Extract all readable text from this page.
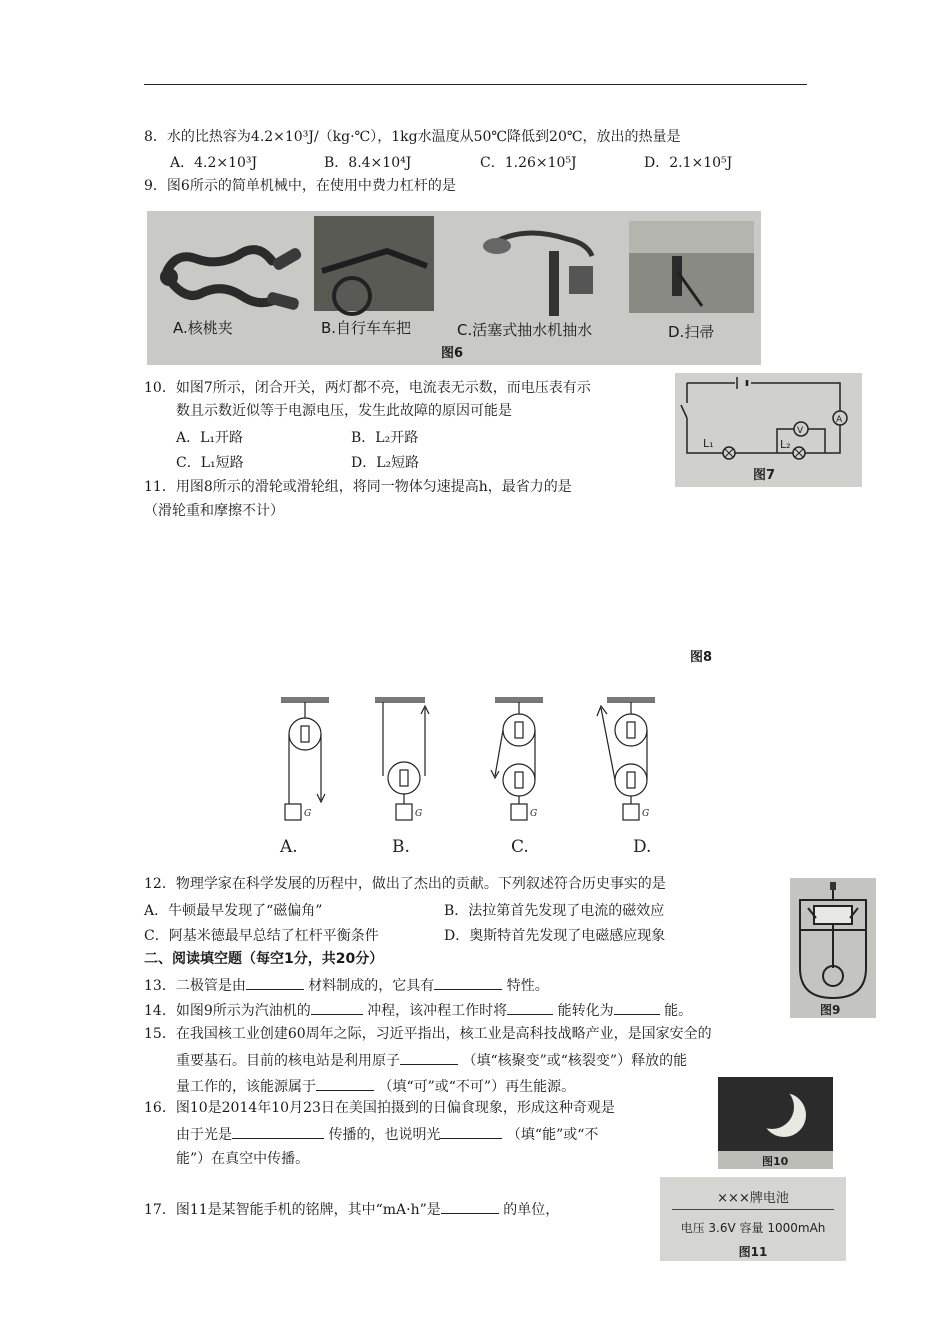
8．水的比热容为4.2×10³J/（kg·℃），1kg水温度从50℃降低到20℃，放出的热量是
A．4.2×10³J	B．8.4×10⁴J	C．1.26×10⁵J	D．2.1×10⁵J
9．图6所示的简单机械中，在使用中费力杠杆的是
A.核桃夹	B.自行车车把	C.活塞式抽水机抽水	D.扫帚
图6
10．如图7所示，闭合开关，两灯都不亮，电流表无示数，而电压表有示
数且示数近似等于电源电压，发生此故障的原因可能是
A．L₁开路	B．L₂开路
C．L₁短路	D．L₂短路
V
A
L₁	L₂
图7
11．用图8所示的滑轮或滑轮组，将同一物体匀速提高h，最省力的是
（滑轮重和摩擦不计）
图8
G	G	G	G
A.	B.	C.	D.
12．物理学家在科学发展的历程中，做出了杰出的贡献。下列叙述符合历史事实的是
A．牛顿最早发现了“磁偏角”	B．法拉第首先发现了电流的磁效应
C．阿基米德最早总结了杠杆平衡条件	D．奥斯特首先发现了电磁感应现象
图9
二、阅读填空题（每空1分，共20分）
13．二极管是由	材料制成的，它具有	特性。
14．如图9所示为汽油机的	冲程，该冲程工作时将	能转化为	能。
15．在我国核工业创建60周年之际，习近平指出，核工业是高科技战略产业，是国家安全的
重要基石。目前的核电站是利用原子	（填“核聚变”或“核裂变”）释放的能
量工作的，该能源属于	（填“可”或“不可”）再生能源。
图10
16．图10是2014年10月23日在美国拍摄到的日偏食现象，形成这种奇观是
由于光是	传播的，也说明光	（填“能”或“不
能”）在真空中传播。
17．图11是某智能手机的铭牌，其中“mA·h”是	的单位，
×××牌电池
电压 3.6V 容量 1000mAh
图11
